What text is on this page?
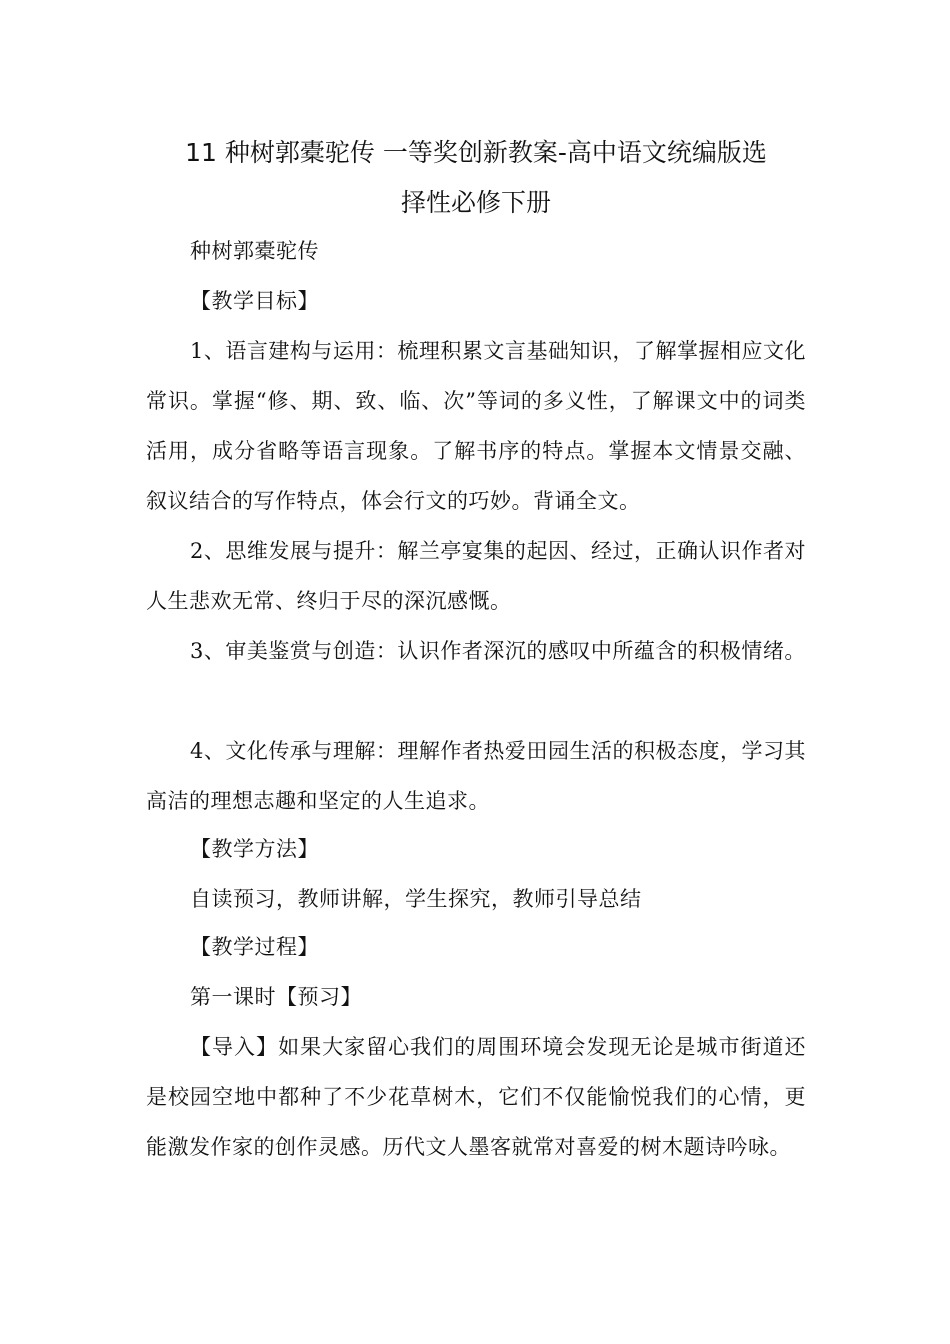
11 种树郭橐驼传 一等奖创新教案-高中语文统编版选
择性必修下册

种树郭橐驼传

【教学目标】

1、语言建构与运用：梳理积累文言基础知识，了解掌握相应文化常识。掌握“修、期、致、临、次”等词的多义性，了解课文中的词类活用，成分省略等语言现象。了解书序的特点。掌握本文情景交融、叙议结合的写作特点，体会行文的巧妙。背诵全文。

2、思维发展与提升：解兰亭宴集的起因、经过，正确认识作者对人生悲欢无常、终归于尽的深沉感慨。

3、审美鉴赏与创造：认识作者深沉的感叹中所蕴含的积极情绪。

4、文化传承与理解：理解作者热爱田园生活的积极态度，学习其高洁的理想志趣和坚定的人生追求。

【教学方法】

自读预习，教师讲解，学生探究，教师引导总结

【教学过程】

第一课时【预习】

【导入】如果大家留心我们的周围环境会发现无论是城市街道还是校园空地中都种了不少花草树木，它们不仅能愉悦我们的心情，更能激发作家的创作灵感。历代文人墨客就常对喜爱的树木题诗吟咏。
